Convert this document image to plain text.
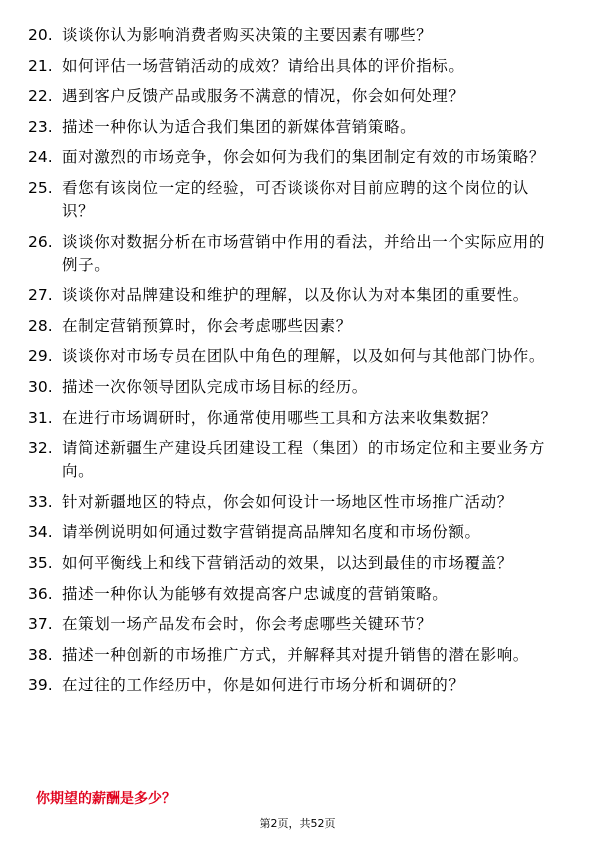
20. 谈谈你认为影响消费者购买决策的主要因素有哪些？
21. 如何评估一场营销活动的成效？请给出具体的评价指标。
22. 遇到客户反馈产品或服务不满意的情况，你会如何处理？
23. 描述一种你认为适合我们集团的新媒体营销策略。
24. 面对激烈的市场竞争，你会如何为我们的集团制定有效的市场策略？
25. 看您有该岗位一定的经验，可否谈谈你对目前应聘的这个岗位的认识？
26. 谈谈你对数据分析在市场营销中作用的看法，并给出一个实际应用的例子。
27. 谈谈你对品牌建设和维护的理解，以及你认为对本集团的重要性。
28. 在制定营销预算时，你会考虑哪些因素？
29. 谈谈你对市场专员在团队中角色的理解，以及如何与其他部门协作。
30. 描述一次你领导团队完成市场目标的经历。
31. 在进行市场调研时，你通常使用哪些工具和方法来收集数据？
32. 请简述新疆生产建设兵团建设工程（集团）的市场定位和主要业务方向。
33. 针对新疆地区的特点，你会如何设计一场地区性市场推广活动？
34. 请举例说明如何通过数字营销提高品牌知名度和市场份额。
35. 如何平衡线上和线下营销活动的效果，以达到最佳的市场覆盖？
36. 描述一种你认为能够有效提高客户忠诚度的营销策略。
37. 在策划一场产品发布会时，你会考虑哪些关键环节？
38. 描述一种创新的市场推广方式，并解释其对提升销售的潜在影响。
39. 在过往的工作经历中，你是如何进行市场分析和调研的？
你期望的薪酬是多少？
第2页，共52页
